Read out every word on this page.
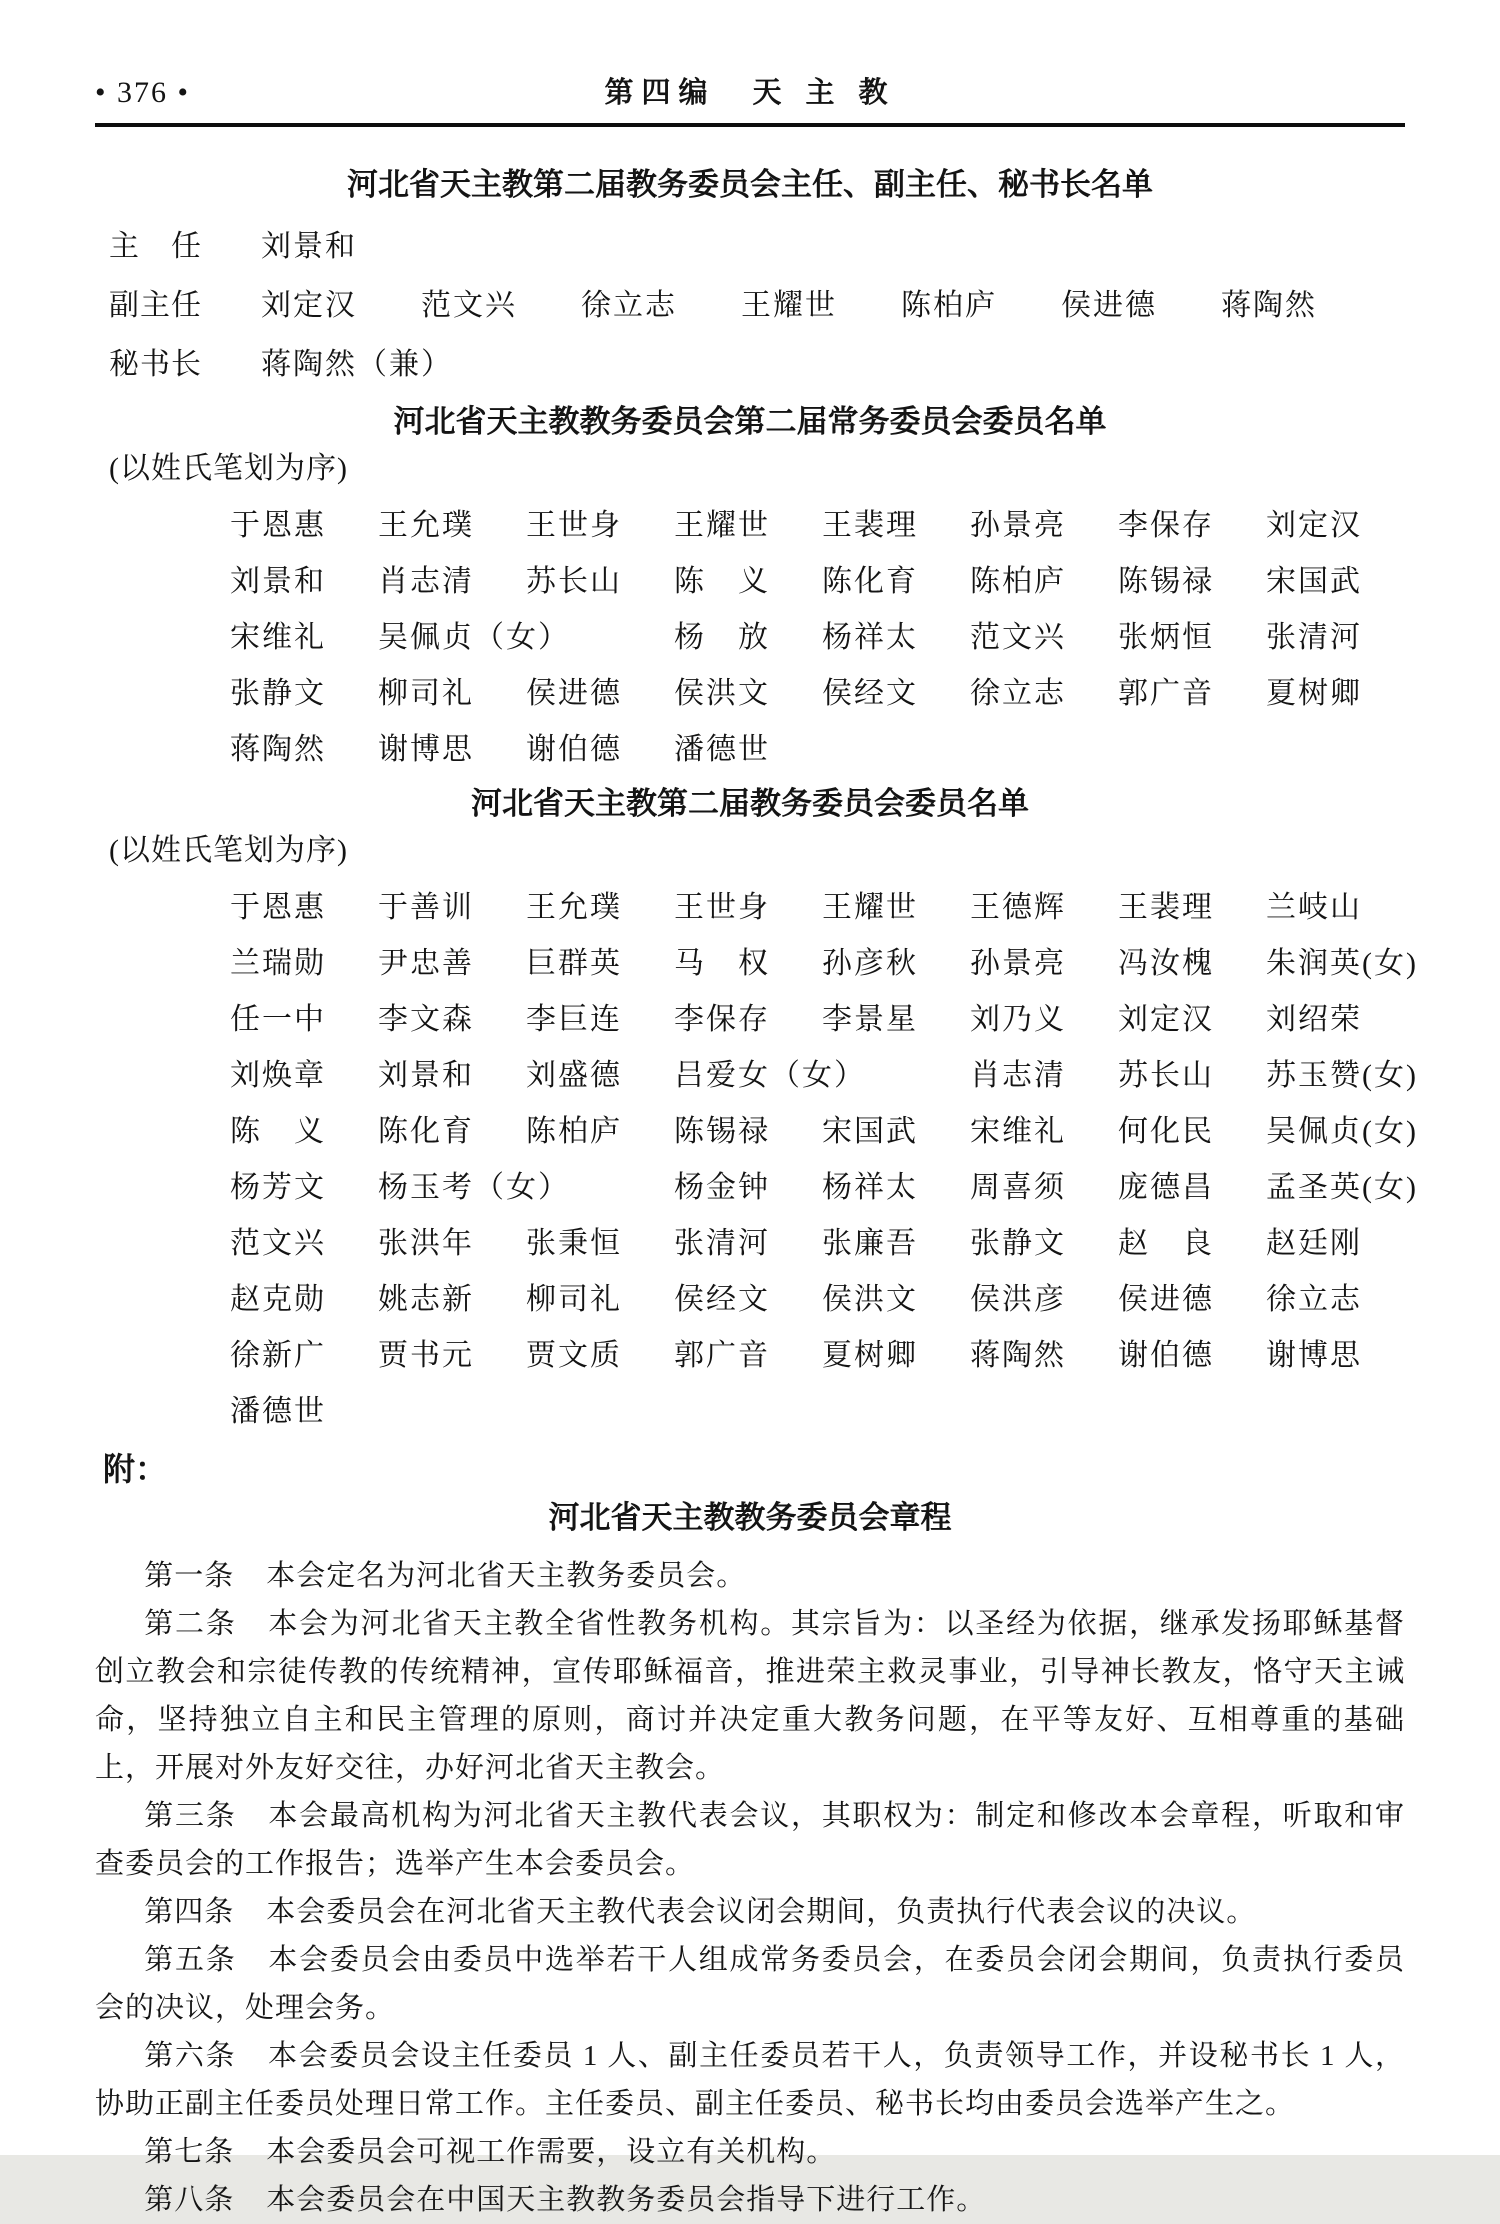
• 376 •	第四编　天 主 教
河北省天主教第二届教务委员会主任、副主任、秘书长名单
主　任	刘景和
副主任	刘定汉 范文兴 徐立志 王耀世 陈柏庐 侯进德 蒋陶然
秘书长	蒋陶然（兼）
河北省天主教教务委员会第二届常务委员会委员名单
(以姓氏笔划为序)
于恩惠	王允璞	王世身	王耀世	王裴理	孙景亮	李保存	刘定汉
刘景和	肖志清	苏长山	陈　义	陈化育	陈柏庐	陈锡禄	宋国武
宋维礼	吴佩贞（女）	杨　放	杨祥太	范文兴	张炳恒	张清河
张静文	柳司礼	侯进德	侯洪文	侯经文	徐立志	郭广音	夏树卿
蒋陶然	谢博思	谢伯德	潘德世
河北省天主教第二届教务委员会委员名单
(以姓氏笔划为序)
于恩惠	于善训	王允璞	王世身	王耀世	王德辉	王裴理	兰岐山
兰瑞勋	尹忠善	巨群英	马　权	孙彦秋	孙景亮	冯汝槐	朱润英(女)
任一中	李文森	李巨连	李保存	李景星	刘乃义	刘定汉	刘绍荣
刘焕章	刘景和	刘盛德	吕爱女（女）	肖志清	苏长山	苏玉赞(女)
陈　义	陈化育	陈柏庐	陈锡禄	宋国武	宋维礼	何化民	吴佩贞(女)
杨芳文	杨玉考（女）	杨金钟	杨祥太	周喜须	庞德昌	孟圣英(女)
范文兴	张洪年	张秉恒	张清河	张廉吾	张静文	赵　良	赵廷刚
赵克勋	姚志新	柳司礼	侯经文	侯洪文	侯洪彦	侯进德	徐立志
徐新广	贾书元	贾文质	郭广音	夏树卿	蒋陶然	谢伯德	谢博思
潘德世
附：
河北省天主教教务委员会章程

第一条 本会定名为河北省天主教务委员会。

第二条 本会为河北省天主教全省性教务机构。其宗旨为：以圣经为依据，继承发扬耶稣基督创立教会和宗徒传教的传统精神，宣传耶稣福音，推进荣主救灵事业，引导神长教友，恪守天主诫命，坚持独立自主和民主管理的原则，商讨并决定重大教务问题，在平等友好、互相尊重的基础上，开展对外友好交往，办好河北省天主教会。

第三条 本会最高机构为河北省天主教代表会议，其职权为：制定和修改本会章程，听取和审查委员会的工作报告；选举产生本会委员会。

第四条 本会委员会在河北省天主教代表会议闭会期间，负责执行代表会议的决议。

第五条 本会委员会由委员中选举若干人组成常务委员会，在委员会闭会期间，负责执行委员会的决议，处理会务。

第六条 本会委员会设主任委员 1 人、副主任委员若干人，负责领导工作，并设秘书长 1 人，协助正副主任委员处理日常工作。主任委员、副主任委员、秘书长均由委员会选举产生之。

第七条 本会委员会可视工作需要，设立有关机构。

第八条 本会委员会在中国天主教教务委员会指导下进行工作。
